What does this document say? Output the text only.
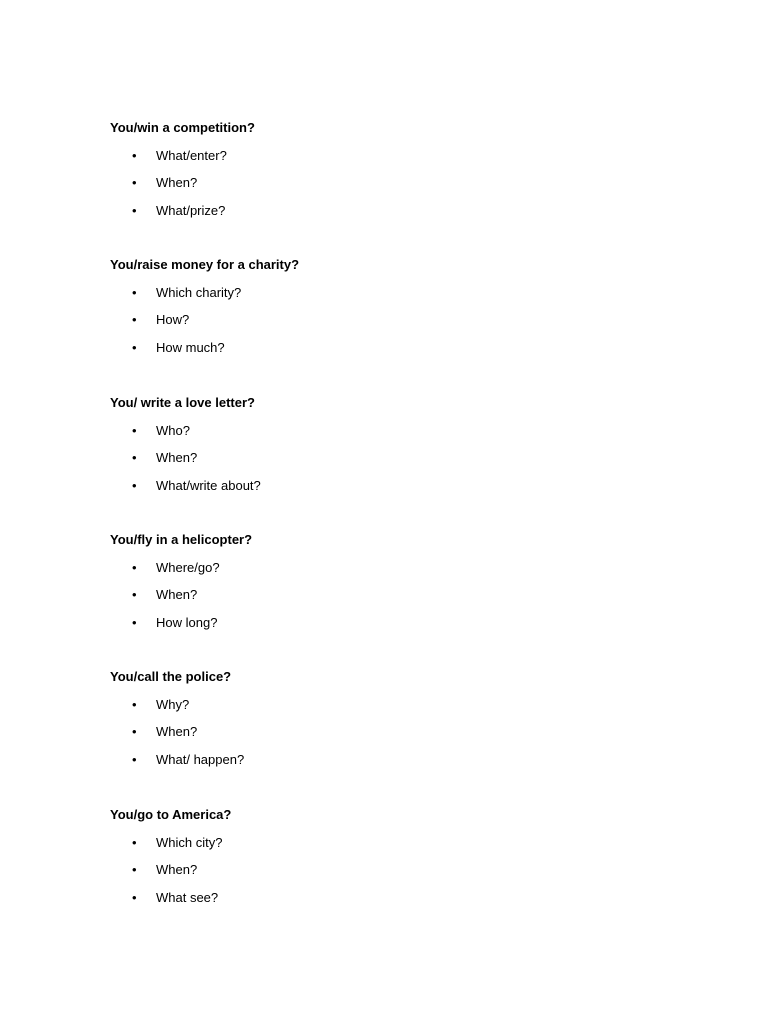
You/win a competition?

• What/enter?
• When?
• What/prize?

You/raise money for a charity?

• Which charity?
• How?
• How much?

You/ write a love letter?

• Who?
• When?
• What/write about?

You/fly in a helicopter?

• Where/go?
• When?
• How long?

You/call the police?

• Why?
• When?
• What/ happen?

You/go to America?

• Which city?
• When?
• What see?
